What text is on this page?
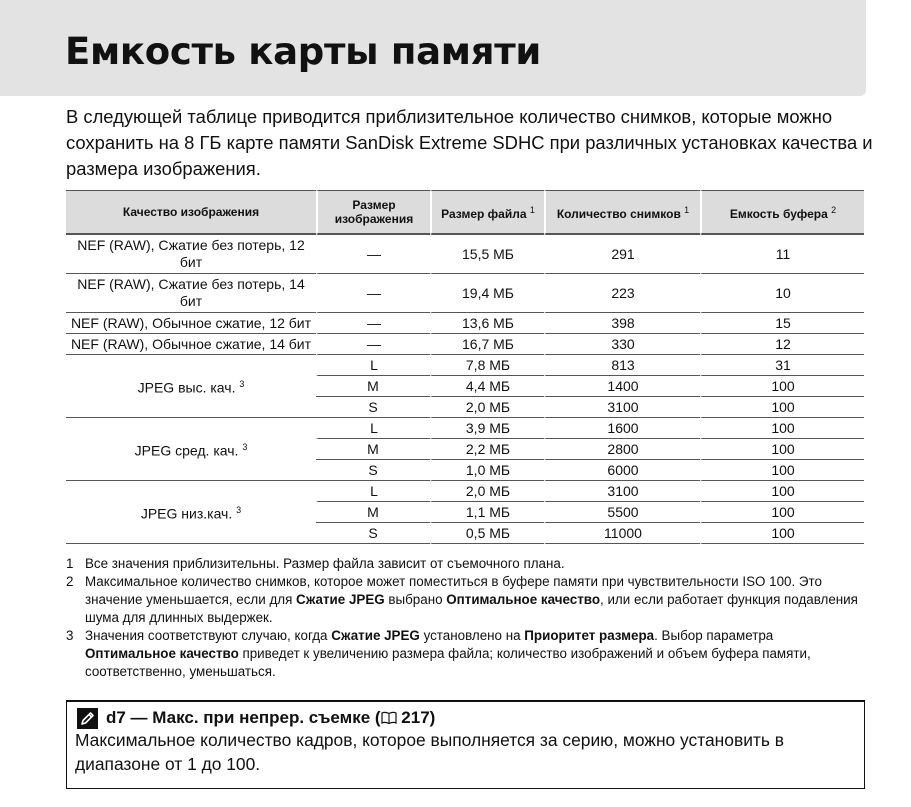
Емкость карты памяти

В следующей таблице приводится приблизительное количество снимков, которые можно сохранить на 8 ГБ карте памяти SanDisk Extreme SDHC при различных установках качества и размера изображения.

Качество изображения	Размер изображения	Размер файла $^1$	Количество снимков $^1$	Емкость буфера $^2$
NEF (RAW), Сжатие без потерь, 12 бит	—	15,5 МБ	291	11
NEF (RAW), Сжатие без потерь, 14 бит	—	19,4 МБ	223	10
NEF (RAW), Обычное сжатие, 12 бит	—	13,6 МБ	398	15
NEF (RAW), Обычное сжатие, 14 бит	—	16,7 МБ	330	12
JPEG выс. кач. $^3$	L	7,8 МБ	813	31
	M	4,4 МБ	1400	100
	S	2,0 МБ	3100	100
JPEG сред. кач. $^3$	L	3,9 МБ	1600	100
	M	2,2 МБ	2800	100
	S	1,0 МБ	6000	100
JPEG низ.кач. $^3$	L	2,0 МБ	3100	100
	M	1,1 МБ	5500	100
	S	0,5 МБ	11000	100

1 Все значения приблизительны. Размер файла зависит от съемочного плана.

2 Максимальное количество снимков, которое может поместиться в буфере памяти при чувствительности ISO 100. Это значение уменьшается, если для Сжатие JPEG выбрано Оптимальное качество, или если работает функция подавления шума для длинных выдержек.

3 Значения соответствуют случаю, когда Сжатие JPEG установлено на Приоритет размера. Выбор параметра Оптимальное качество приведет к увеличению размера файла; количество изображений и объем буфера памяти, соответственно, уменьшаться.

d7 — Макс. при непрер. съемке ( 217)

Максимальное количество кадров, которое выполняется за серию, можно установить в диапазоне от 1 до 100.
